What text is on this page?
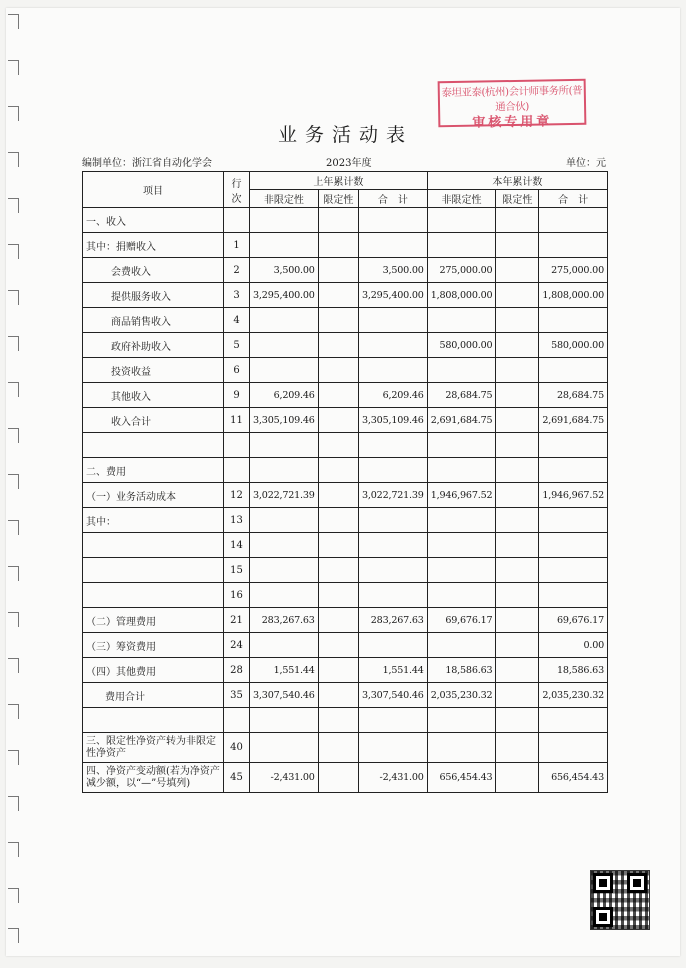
泰坦亚泰(杭州)会计师事务所(普通合伙)
审核专用章
业务活动表
编制单位：浙江省自动化学会	2023年度	单位：元
项目	行次	上年累计数			本年累计数		
		非限定性	限定性	合　计	非限定性	限定性	合　计
一、收入							
其中：捐赠收入	1						
会费收入	2	3,500.00		3,500.00	275,000.00		275,000.00
提供服务收入	3	3,295,400.00		3,295,400.00	1,808,000.00		1,808,000.00
商品销售收入	4						
政府补助收入	5				580,000.00		580,000.00
投资收益	6						
其他收入	9	6,209.46		6,209.46	28,684.75		28,684.75
收入合计	11	3,305,109.46		3,305,109.46	2,691,684.75		2,691,684.75

二、费用							
（一）业务活动成本	12	3,022,721.39		3,022,721.39	1,946,967.52		1,946,967.52
其中：	13						
	14						
	15						
	16						
（二）管理费用	21	283,267.63		283,267.63	69,676.17		69,676.17
（三）筹资费用	24						0.00
（四）其他费用	28	1,551.44		1,551.44	18,586.63		18,586.63
费用合计	35	3,307,540.46		3,307,540.46	2,035,230.32		2,035,230.32

三、限定性净资产转为非限定性净资产	40						
四、净资产变动额(若为净资产减少额，以“—”号填列)	45	-2,431.00		-2,431.00	656,454.43		656,454.43
